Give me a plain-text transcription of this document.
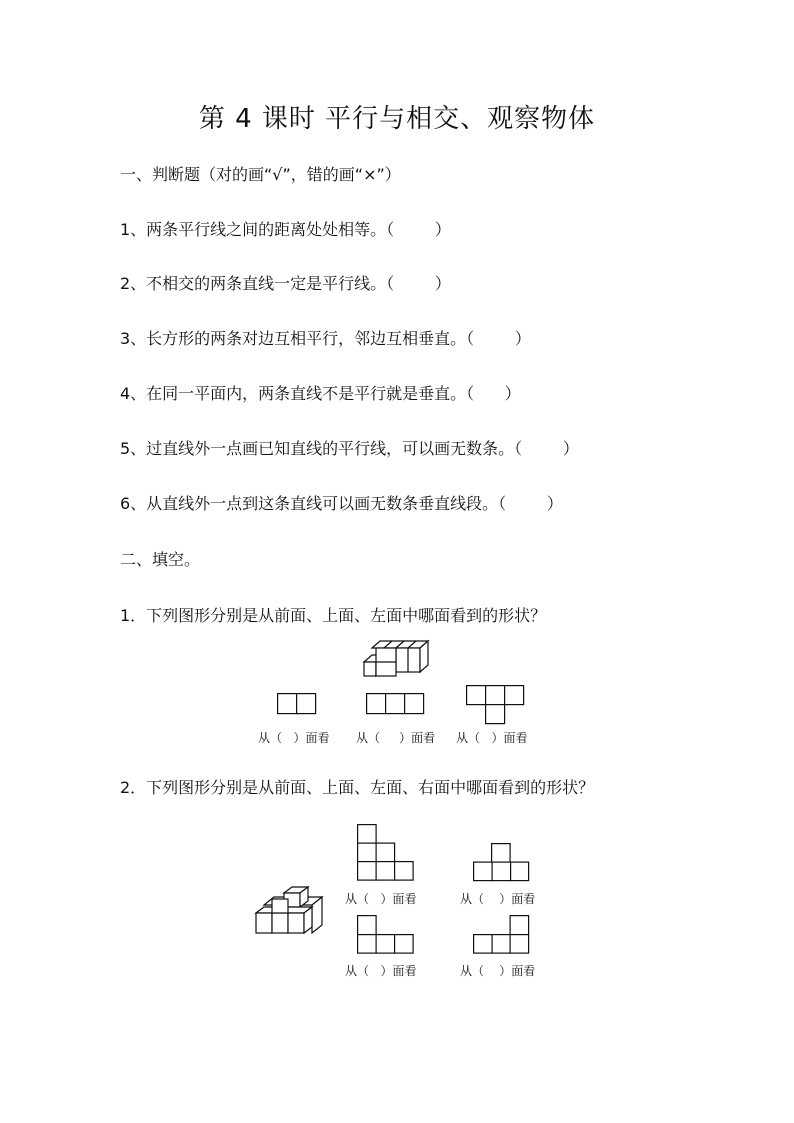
第 4 课时 平行与相交、观察物体
一、判断题（对的画“√”，错的画“×”）
1、两条平行线之间的距离处处相等。（        ）
2、不相交的两条直线一定是平行线。（        ）
3、长方形的两条对边互相平行，邻边互相垂直。（        ）
4、在同一平面内，两条直线不是平行就是垂直。（      ）
5、过直线外一点画已知直线的平行线，可以画无数条。（        ）
6、从直线外一点到这条直线可以画无数条垂直线段。（        ）
二、填空。
1．下列图形分别是从前面、上面、左面中哪面看到的形状？
从（   ）面看 从（     ）面看 从（   ）面看
2．下列图形分别是从前面、上面、左面、右面中哪面看到的形状？
从（   ）面看	从（    ）面看
从（   ）面看	从（    ）面看
